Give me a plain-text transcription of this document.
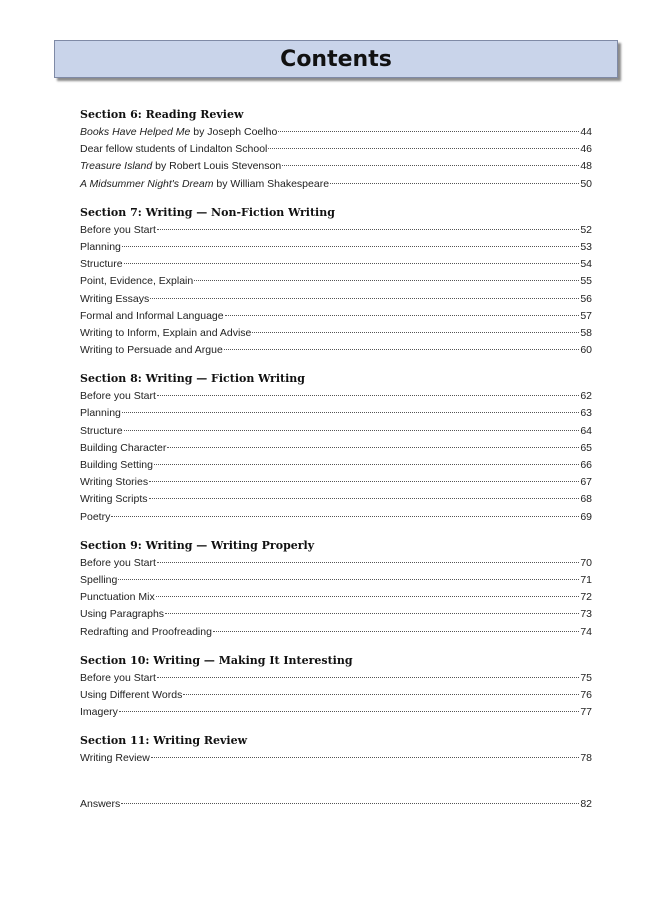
Contents
Section 6: Reading Review
Books Have Helped Me by Joseph Coelho	44
Dear fellow students of Lindalton School	46
Treasure Island by Robert Louis Stevenson	48
A Midsummer Night's Dream by William Shakespeare	50
Section 7: Writing — Non-Fiction Writing
Before you Start	52
Planning	53
Structure	54
Point, Evidence, Explain	55
Writing Essays	56
Formal and Informal Language	57
Writing to Inform, Explain and Advise	58
Writing to Persuade and Argue	60
Section 8: Writing — Fiction Writing
Before you Start	62
Planning	63
Structure	64
Building Character	65
Building Setting	66
Writing Stories	67
Writing Scripts	68
Poetry	69
Section 9: Writing — Writing Properly
Before you Start	70
Spelling	71
Punctuation Mix	72
Using Paragraphs	73
Redrafting and Proofreading	74
Section 10: Writing — Making It Interesting
Before you Start	75
Using Different Words	76
Imagery	77
Section 11: Writing Review
Writing Review	78
Answers	82
